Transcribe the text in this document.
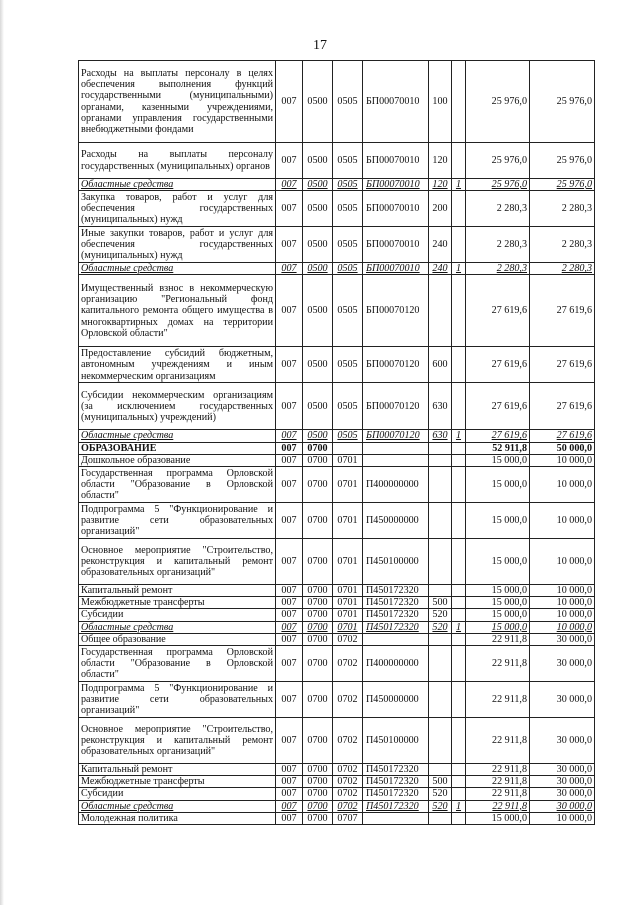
17
Расходы на выплаты персоналу в целях обеспечения выполнения функций государственными (муниципальными) органами, казенными учреждениями, органами управления государственными внебюджетными фондами	007	0500	0505	БП00070010	100		25 976,0	25 976,0
Расходы на выплаты персоналу государственных (муниципальных) органов	007	0500	0505	БП00070010	120		25 976,0	25 976,0
Областные средства	007	0500	0505	БП00070010	120	1	25 976,0	25 976,0
Закупка товаров, работ и услуг для обеспечения государственных (муниципальных) нужд	007	0500	0505	БП00070010	200		2 280,3	2 280,3
Иные закупки товаров, работ и услуг для обеспечения государственных (муниципальных) нужд	007	0500	0505	БП00070010	240		2 280,3	2 280,3
Областные средства	007	0500	0505	БП00070010	240	1	2 280,3	2 280,3
Имущественный взнос в некоммерческую организацию "Региональный фонд капитального ремонта общего имущества в многоквартирных домах на территории Орловской области"	007	0500	0505	БП00070120			27 619,6	27 619,6
Предоставление субсидий бюджетным, автономным учреждениям и иным некоммерческим организациям	007	0500	0505	БП00070120	600		27 619,6	27 619,6
Субсидии некоммерческим организациям (за исключением государственных (муниципальных) учреждений)	007	0500	0505	БП00070120	630		27 619,6	27 619,6
Областные средства	007	0500	0505	БП00070120	630	1	27 619,6	27 619,6
ОБРАЗОВАНИЕ	007	0700					52 911,8	50 000,0
Дошкольное образование	007	0700	0701				15 000,0	10 000,0
Государственная программа Орловской области "Образование в Орловской области"	007	0700	0701	П400000000			15 000,0	10 000,0
Подпрограмма 5 "Функционирование и развитие сети образовательных организаций"	007	0700	0701	П450000000			15 000,0	10 000,0
Основное мероприятие "Строительство, реконструкция и капитальный ремонт образовательных организаций"	007	0700	0701	П450100000			15 000,0	10 000,0
Капитальный ремонт	007	0700	0701	П450172320			15 000,0	10 000,0
Межбюджетные трансферты	007	0700	0701	П450172320	500		15 000,0	10 000,0
Субсидии	007	0700	0701	П450172320	520		15 000,0	10 000,0
Областные средства	007	0700	0701	П450172320	520	1	15 000,0	10 000,0
Общее образование	007	0700	0702				22 911,8	30 000,0
Государственная программа Орловской области "Образование в Орловской области"	007	0700	0702	П400000000			22 911,8	30 000,0
Подпрограмма 5 "Функционирование и развитие сети образовательных организаций"	007	0700	0702	П450000000			22 911,8	30 000,0
Основное мероприятие "Строительство, реконструкция и капитальный ремонт образовательных организаций"	007	0700	0702	П450100000			22 911,8	30 000,0
Капитальный ремонт	007	0700	0702	П450172320			22 911,8	30 000,0
Межбюджетные трансферты	007	0700	0702	П450172320	500		22 911,8	30 000,0
Субсидии	007	0700	0702	П450172320	520		22 911,8	30 000,0
Областные средства	007	0700	0702	П450172320	520	1	22 911,8	30 000,0
Молодежная политика	007	0700	0707				15 000,0	10 000,0
